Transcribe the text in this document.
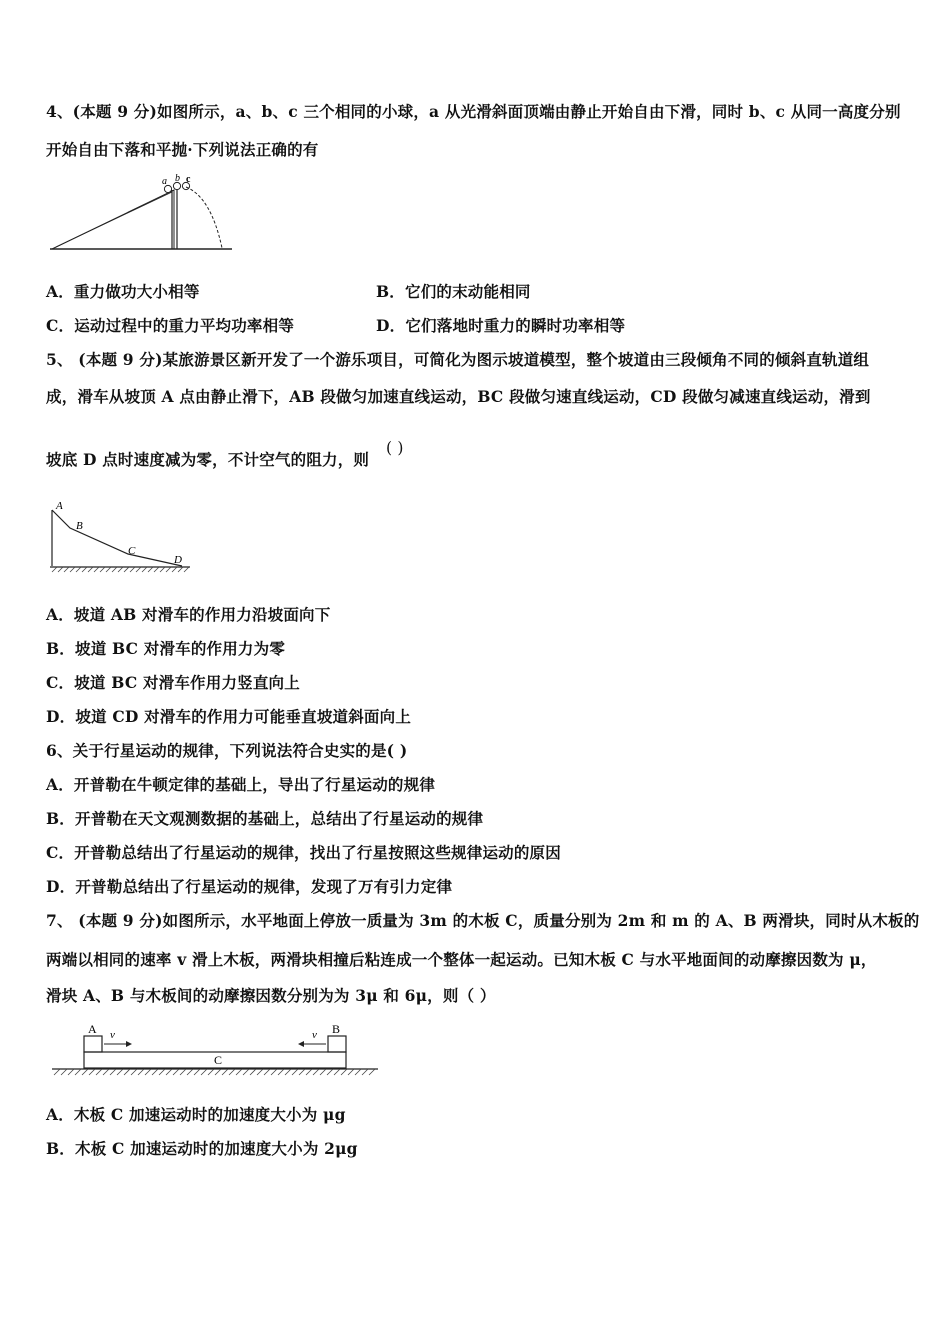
4、(本题 9 分)如图所示，a、b、c 三个相同的小球，a 从光滑斜面顶端由静止开始自由下滑，同时 b、c 从同一高度分别
开始自由下落和平抛·下列说法正确的有
a b c
A．重力做功大小相等	B．它们的末动能相同
C．运动过程中的重力平均功率相等	D．它们落地时重力的瞬时功率相等
5、 (本题 9 分)某旅游景区新开发了一个游乐项目，可简化为图示坡道模型，整个坡道由三段倾角不同的倾斜直轨道组
成，滑车从坡顶 A 点由静止滑下，AB 段做匀加速直线运动，BC 段做匀速直线运动，CD 段做匀减速直线运动，滑到
坡底 D 点时速度减为零，不计空气的阻力，则
( )
A
B
C
D
A．坡道 AB 对滑车的作用力沿坡面向下
B．坡道 BC 对滑车的作用力为零
C．坡道 BC 对滑车作用力竖直向上
D．坡道 CD 对滑车的作用力可能垂直坡道斜面向上
6、关于行星运动的规律，下列说法符合史实的是( )
A．开普勒在牛顿定律的基础上，导出了行星运动的规律
B．开普勒在天文观测数据的基础上，总结出了行星运动的规律
C．开普勒总结出了行星运动的规律，找出了行星按照这些规律运动的原因
D．开普勒总结出了行星运动的规律，发现了万有引力定律
7、 (本题 9 分)如图所示，水平地面上停放一质量为 3m 的木板 C，质量分别为 2m 和 m 的 A、B 两滑块，同时从木板的
两端以相同的速率 v 滑上木板，两滑块相撞后粘连成一个整体一起运动。已知木板 C 与水平地面间的动摩擦因数为 μ，
滑块 A、B 与木板间的动摩擦因数分别为为 3μ 和 6μ，则（ ）
A	B
C
v	v
A．木板 C 加速运动时的加速度大小为 μg
B．木板 C 加速运动时的加速度大小为 2μg
